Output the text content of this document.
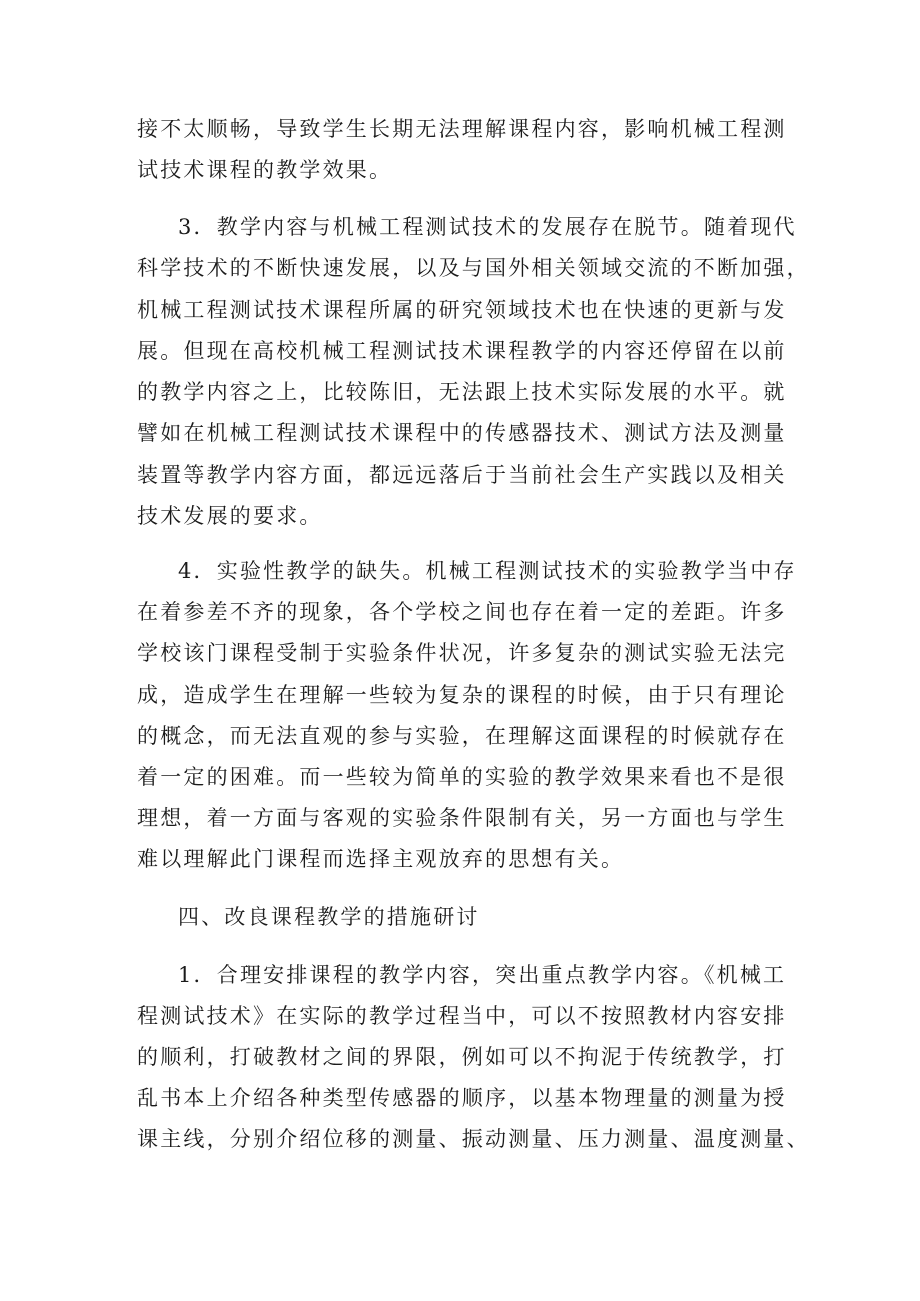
接不太顺畅，导致学生长期无法理解课程内容，影响机械工程测
试技术课程的教学效果。
3．教学内容与机械工程测试技术的发展存在脱节。随着现代
科学技术的不断快速发展，以及与国外相关领域交流的不断加强，
机械工程测试技术课程所属的研究领域技术也在快速的更新与发
展。但现在高校机械工程测试技术课程教学的内容还停留在以前
的教学内容之上，比较陈旧，无法跟上技术实际发展的水平。就
譬如在机械工程测试技术课程中的传感器技术、测试方法及测量
装置等教学内容方面，都远远落后于当前社会生产实践以及相关
技术发展的要求。
4．实验性教学的缺失。机械工程测试技术的实验教学当中存
在着参差不齐的现象，各个学校之间也存在着一定的差距。许多
学校该门课程受制于实验条件状况，许多复杂的测试实验无法完
成，造成学生在理解一些较为复杂的课程的时候，由于只有理论
的概念，而无法直观的参与实验，在理解这面课程的时候就存在
着一定的困难。而一些较为简单的实验的教学效果来看也不是很
理想，着一方面与客观的实验条件限制有关，另一方面也与学生
难以理解此门课程而选择主观放弃的思想有关。
四、改良课程教学的措施研讨
1．合理安排课程的教学内容，突出重点教学内容。《机械工
程测试技术》在实际的教学过程当中，可以不按照教材内容安排
的顺利，打破教材之间的界限，例如可以不拘泥于传统教学，打
乱书本上介绍各种类型传感器的顺序，以基本物理量的测量为授
课主线，分别介绍位移的测量、振动测量、压力测量、温度测量、
